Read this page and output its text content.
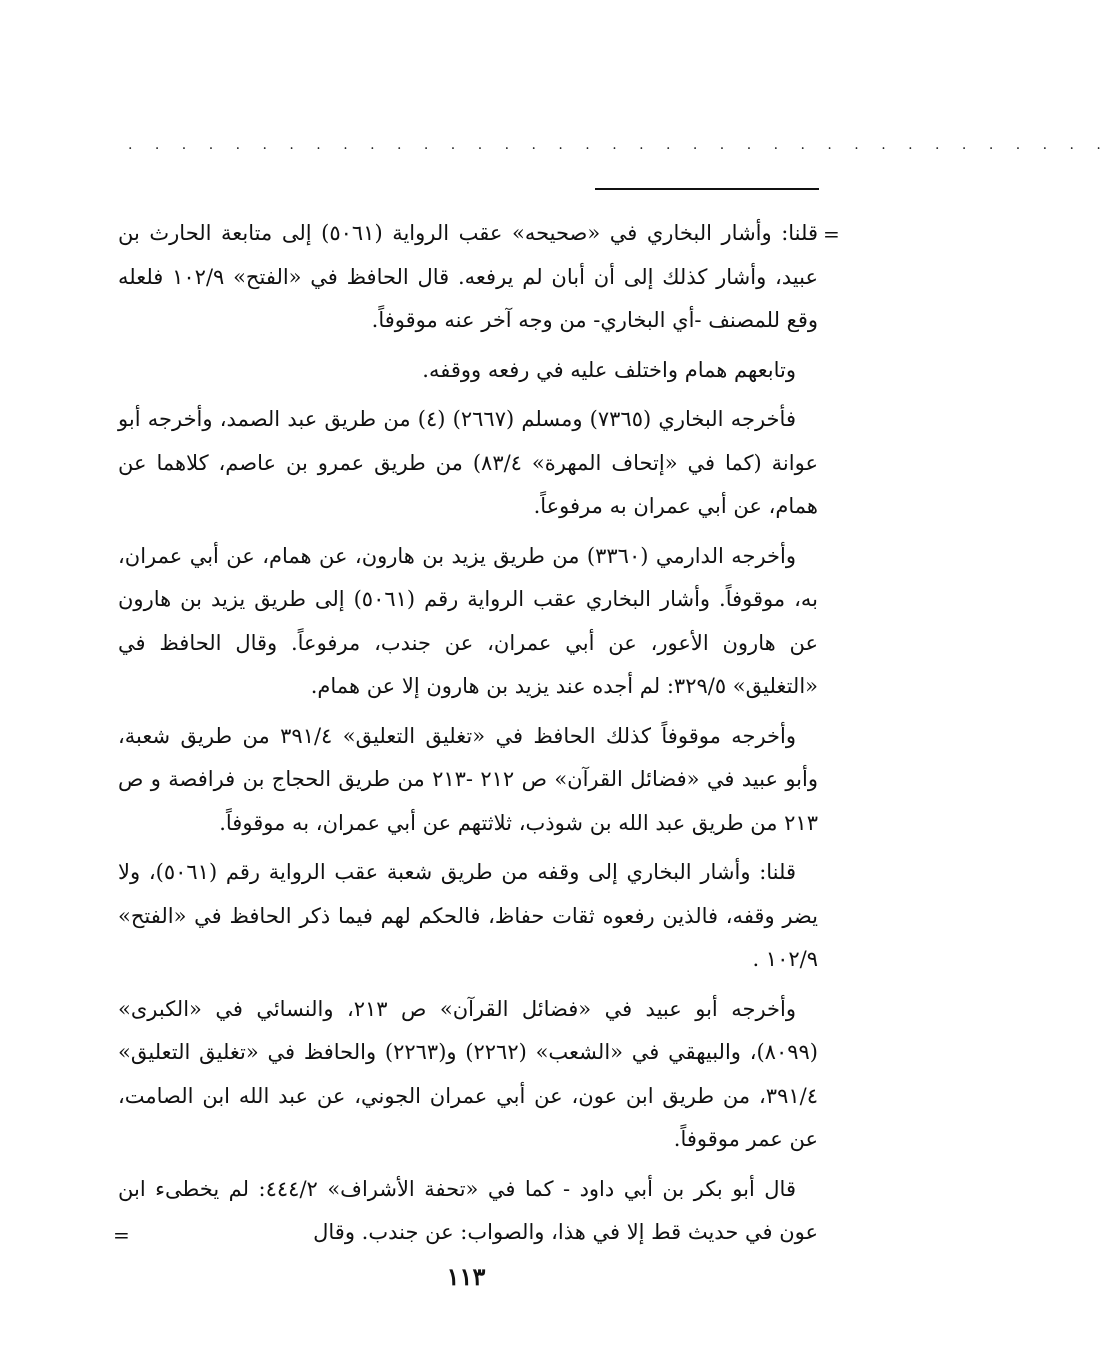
. . . . . . . . . . . . . . . . . . . . . . . . . . . . . . . . . . . . .
=

قلنا: وأشار البخاري في «صحيحه» عقب الرواية (٥٠٦١) إلى متابعة الحارث بن عبيد، وأشار كذلك إلى أن أبان لم يرفعه. قال الحافظ في «الفتح» ١٠٢/٩ فلعله وقع للمصنف -أي البخاري- من وجه آخر عنه موقوفاً.

وتابعهم همام واختلف عليه في رفعه ووقفه.

فأخرجه البخاري (٧٣٦٥) ومسلم (٢٦٦٧) (٤) من طريق عبد الصمد، وأخرجه أبو عوانة (كما في «إتحاف المهرة» ٨٣/٤) من طريق عمرو بن عاصم، كلاهما عن همام، عن أبي عمران به مرفوعاً.

وأخرجه الدارمي (٣٣٦٠) من طريق يزيد بن هارون، عن همام، عن أبي عمران، به، موقوفاً. وأشار البخاري عقب الرواية رقم (٥٠٦١) إلى طريق يزيد بن هارون عن هارون الأعور، عن أبي عمران، عن جندب، مرفوعاً. وقال الحافظ في «التغليق» ٣٢٩/٥: لم أجده عند يزيد بن هارون إلا عن همام.

وأخرجه موقوفاً كذلك الحافظ في «تغليق التعليق» ٣٩١/٤ من طريق شعبة، وأبو عبيد في «فضائل القرآن» ص ٢١٢ -٢١٣ من طريق الحجاج بن فرافصة و ص ٢١٣ من طريق عبد الله بن شوذب، ثلاثتهم عن أبي عمران، به موقوفاً.

قلنا: وأشار البخاري إلى وقفه من طريق شعبة عقب الرواية رقم (٥٠٦١)، ولا يضر وقفه، فالذين رفعوه ثقات حفاظ، فالحكم لهم فيما ذكر الحافظ في «الفتح» ١٠٢/٩ .

وأخرجه أبو عبيد في «فضائل القرآن» ص ٢١٣، والنسائي في «الكبرى» (٨٠٩٩)، والبيهقي في «الشعب» (٢٢٦٢) و(٢٢٦٣) والحافظ في «تغليق التعليق» ٣٩١/٤، من طريق ابن عون، عن أبي عمران الجوني، عن عبد الله ابن الصامت، عن عمر موقوفاً.

قال أبو بكر بن أبي داود - كما في «تحفة الأشراف» ٤٤٤/٢: لم يخطىء ابن عون في حديث قط إلا في هذا، والصواب: عن جندب. وقال

=
١١٣
